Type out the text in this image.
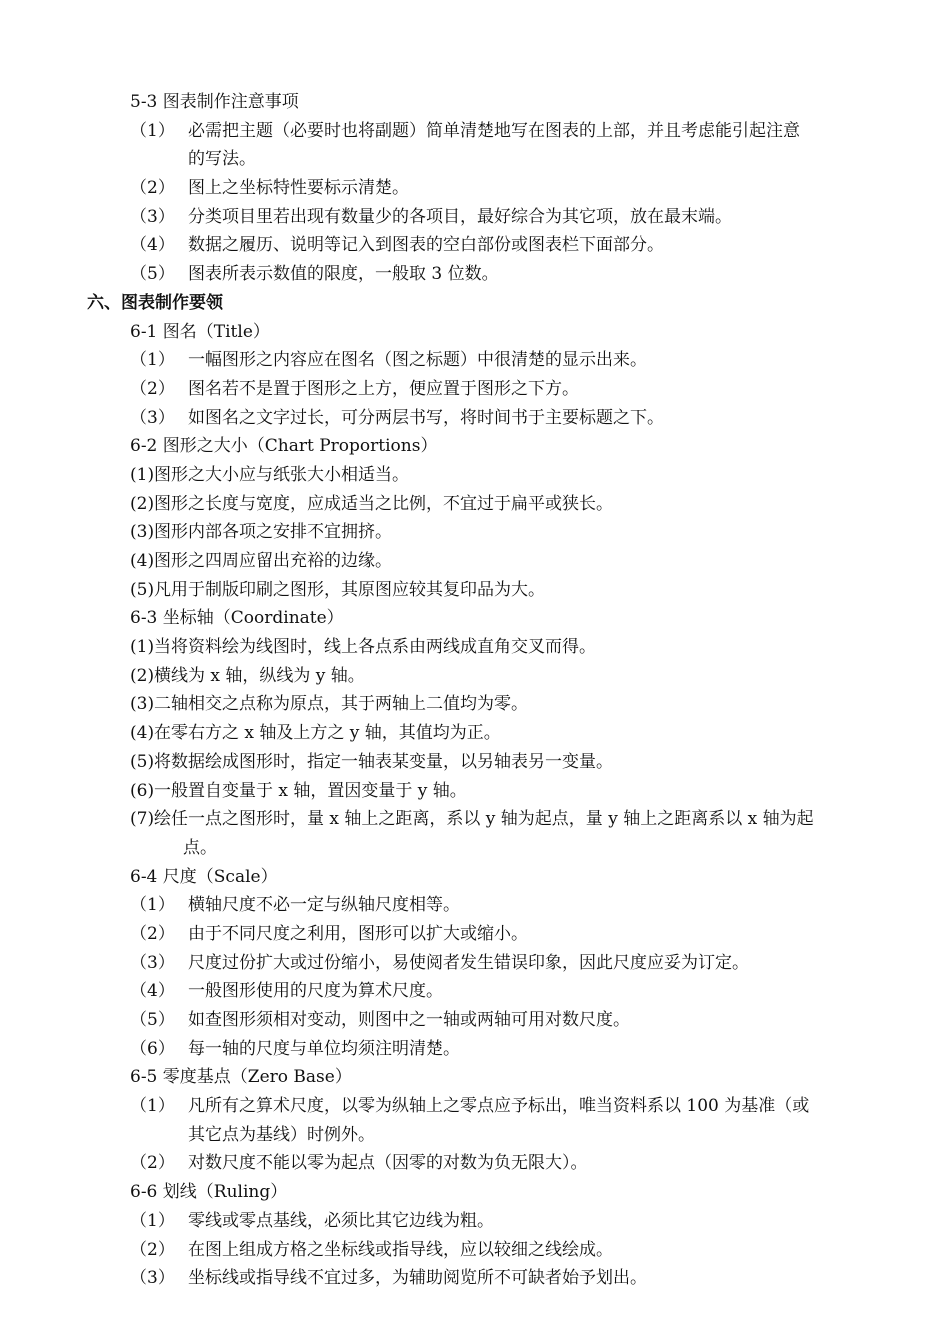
5-3 图表制作注意事项
（1） 必需把主题（必要时也将副题）简单清楚地写在图表的上部，并且考虑能引起注意
的写法。
（2） 图上之坐标特性要标示清楚。
（3） 分类项目里若出现有数量少的各项目，最好综合为其它项，放在最末端。
（4） 数据之履历、说明等记入到图表的空白部份或图表栏下面部分。
（5） 图表所表示数值的限度，一般取 3 位数。
六、图表制作要领
6-1 图名（Title）
（1） 一幅图形之内容应在图名（图之标题）中很清楚的显示出来。
（2） 图名若不是置于图形之上方，便应置于图形之下方。
（3） 如图名之文字过长，可分两层书写，将时间书于主要标题之下。
6-2 图形之大小（Chart Proportions）
(1) 图形之大小应与纸张大小相适当。
(2) 图形之长度与宽度，应成适当之比例，不宜过于扁平或狭长。
(3) 图形内部各项之安排不宜拥挤。
(4) 图形之四周应留出充裕的边缘。
(5) 凡用于制版印刷之图形，其原图应较其复印品为大。
6-3 坐标轴（Coordinate）
(1) 当将资料绘为线图时，线上各点系由两线成直角交叉而得。
(2) 横线为 x 轴，纵线为 y 轴。
(3) 二轴相交之点称为原点，其于两轴上二值均为零。
(4) 在零右方之 x 轴及上方之 y 轴，其值均为正。
(5) 将数据绘成图形时，指定一轴表某变量，以另轴表另一变量。
(6) 一般置自变量于 x 轴，置因变量于 y 轴。
(7) 绘任一点之图形时，量 x 轴上之距离，系以 y 轴为起点，量 y 轴上之距离系以 x 轴为起
点。
6-4 尺度（Scale）
（1） 横轴尺度不必一定与纵轴尺度相等。
（2） 由于不同尺度之利用，图形可以扩大或缩小。
（3） 尺度过份扩大或过份缩小，易使阅者发生错误印象，因此尺度应妥为订定。
（4） 一般图形使用的尺度为算术尺度。
（5） 如查图形须相对变动，则图中之一轴或两轴可用对数尺度。
（6） 每一轴的尺度与单位均须注明清楚。
6-5 零度基点（Zero Base）
（1） 凡所有之算术尺度，以零为纵轴上之零点应予标出，唯当资料系以 100 为基准（或
其它点为基线）时例外。
（2） 对数尺度不能以零为起点（因零的对数为负无限大）。
6-6 划线（Ruling）
（1） 零线或零点基线，必须比其它边线为粗。
（2） 在图上组成方格之坐标线或指导线，应以较细之线绘成。
（3） 坐标线或指导线不宜过多，为辅助阅览所不可缺者始予划出。
